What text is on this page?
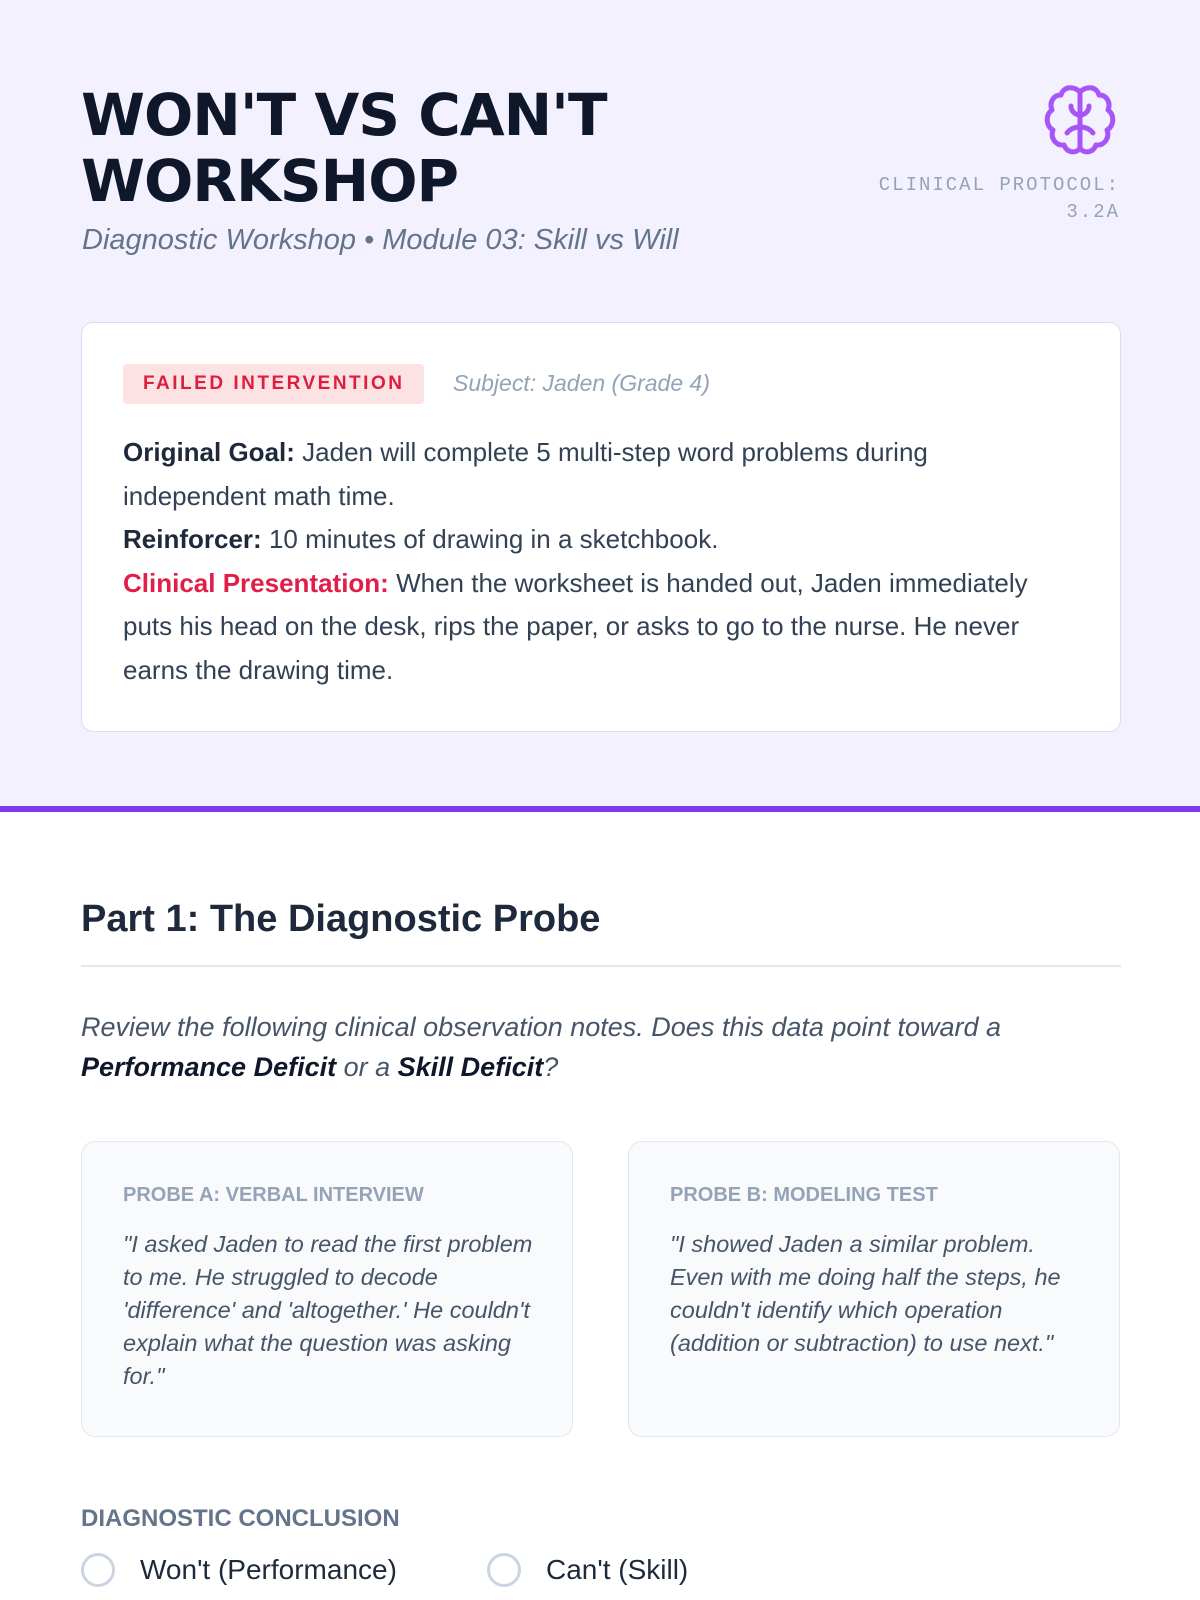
WON'T VS CAN'T WORKSHOP
Diagnostic Workshop • Module 03: Skill vs Will
CLINICAL PROTOCOL: 3.2A
FAILED INTERVENTION	Subject: Jaden (Grade 4)
Original Goal: Jaden will complete 5 multi-step word problems during independent math time.
Reinforcer: 10 minutes of drawing in a sketchbook.
Clinical Presentation: When the worksheet is handed out, Jaden immediately puts his head on the desk, rips the paper, or asks to go to the nurse. He never earns the drawing time.
Part 1: The Diagnostic Probe
Review the following clinical observation notes. Does this data point toward a Performance Deficit or a Skill Deficit?
PROBE A: VERBAL INTERVIEW
"I asked Jaden to read the first problem to me. He struggled to decode 'difference' and 'altogether.' He couldn't explain what the question was asking for."
PROBE B: MODELING TEST
"I showed Jaden a similar problem. Even with me doing half the steps, he couldn't identify which operation (addition or subtraction) to use next."
DIAGNOSTIC CONCLUSION
Won't (Performance)	Can't (Skill)
